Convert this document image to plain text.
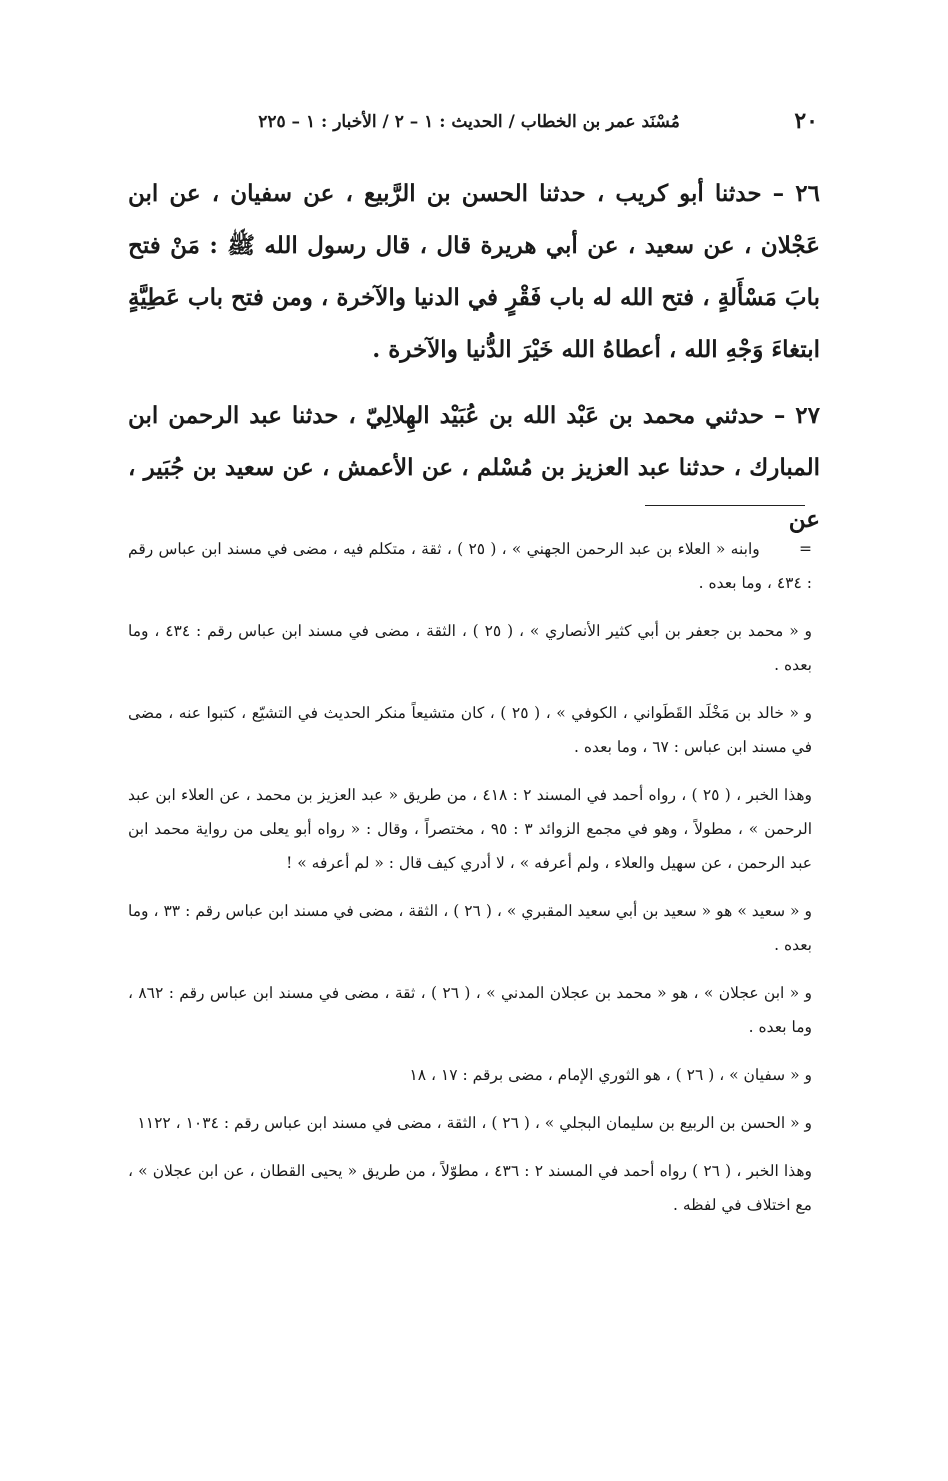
٢٠
مُسْنَد عمر بن الخطاب / الحديث : ١ – ٢ / الأخبار : ١ – ٢٢٥

٢٦ – حدثنا أبو كريب ، حدثنا الحسن بن الرَّبيع ، عن سفيان ، عن ابن عَجْلان ، عن سعيد ، عن أبي هريرة قال ، قال رسول الله ﷺ : مَنْ فتح بابَ مَسْأَلةٍ ، فتح الله له باب فَقْرٍ في الدنيا والآخرة ، ومن فتح باب عَطِيَّةٍ ابتغاءَ وَجْهِ الله ، أعطاهُ الله خَيْرَ الدُّنيا والآخرة .

٢٧ – حدثني محمد بن عَبْد الله بن عُبَيْد الهِلالِيّ ، حدثنا عبد الرحمن ابن المبارك ، حدثنا عبد العزيز بن مُسْلم ، عن الأعمش ، عن سعيد بن جُبَير ، عن

= وابنه « العلاء بن عبد الرحمن الجهني » ، ( ٢٥ ) ، ثقة ، متكلم فيه ، مضى في مسند ابن عباس رقم : ٤٣٤ ، وما بعده .

و « محمد بن جعفر بن أبي كثير الأنصاري » ، ( ٢٥ ) ، الثقة ، مضى في مسند ابن عباس رقم : ٤٣٤ ، وما بعده .

و « خالد بن مَخْلَد القَطَواني ، الكوفي » ، ( ٢٥ ) ، كان متشيعاً منكر الحديث في التشيّع ، كتبوا عنه ، مضى في مسند ابن عباس : ٦٧ ، وما بعده .

وهذا الخبر ، ( ٢٥ ) ، رواه أحمد في المسند ٢ : ٤١٨ ، من طريق « عبد العزيز بن محمد ، عن العلاء ابن عبد الرحمن » ، مطولاً ، وهو في مجمع الزوائد ٣ : ٩٥ ، مختصراً ، وقال : « رواه أبو يعلى من رواية محمد ابن عبد الرحمن ، عن سهيل والعلاء ، ولم أعرفه » ، لا أدري كيف قال : « لم أعرفه » !

و « سعيد » هو « سعيد بن أبي سعيد المقبري » ، ( ٢٦ ) ، الثقة ، مضى في مسند ابن عباس رقم : ٣٣ ، وما بعده .

و « ابن عجلان » ، هو « محمد بن عجلان المدني » ، ( ٢٦ ) ، ثقة ، مضى في مسند ابن عباس رقم : ٨٦٢ ، وما بعده .

و « سفيان » ، ( ٢٦ ) ، هو الثوري الإمام ، مضى برقم : ١٧ ، ١٨

و « الحسن بن الربيع بن سليمان البجلي » ، ( ٢٦ ) ، الثقة ، مضى في مسند ابن عباس رقم : ١٠٣٤ ، ١١٢٢

وهذا الخبر ، ( ٢٦ ) رواه أحمد في المسند ٢ : ٤٣٦ ، مطوّلاً ، من طريق « يحيى القطان ، عن ابن عجلان » ، مع اختلاف في لفظه .
